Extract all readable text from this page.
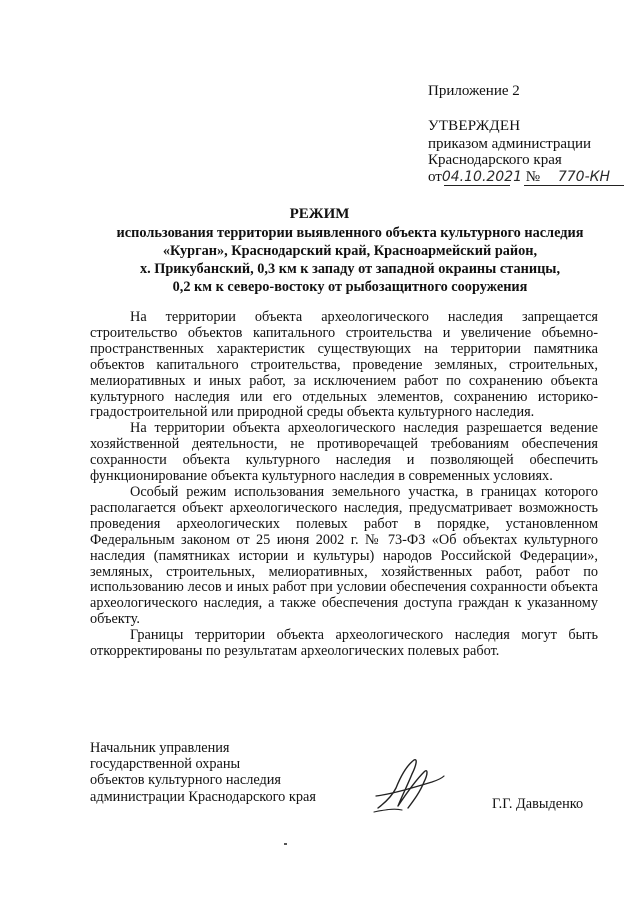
Приложение 2
УТВЕРЖДЕН
приказом администрации
Краснодарского края
от04.10.2021 № 770-КН
РЕЖИМ
использования территории выявленного объекта культурного наследия
«Курган», Краснодарский край, Красноармейский район,
х. Прикубанский, 0,3 км к западу от западной окраины станицы,
0,2 км к северо-востоку от рыбозащитного сооружения

На территории объекта археологического наследия запрещается строительство объектов капитального строительства и увеличение объемно-пространственных характеристик существующих на территории памятника объектов капитального строительства, проведение земляных, строительных, мелиоративных и иных работ, за исключением работ по сохранению объекта культурного наследия или его отдельных элементов, сохранению историко-градостроительной или природной среды объекта культурного наследия.

На территории объекта археологического наследия разрешается ведение хозяйственной деятельности, не противоречащей требованиям обеспечения сохранности объекта культурного наследия и позволяющей обеспечить функционирование объекта культурного наследия в современных условиях.

Особый режим использования земельного участка, в границах которого располагается объект археологического наследия, предусматривает возможность проведения археологических полевых работ в порядке, установленном Федеральным законом от 25 июня 2002 г. № 73-ФЗ «Об объектах культурного наследия (памятниках истории и культуры) народов Российской Федерации», земляных, строительных, мелиоративных, хозяйственных работ, работ по использованию лесов и иных работ при условии обеспечения сохранности объекта археологического наследия, а также обеспечения доступа граждан к указанному объекту.

Границы территории объекта археологического наследия могут быть откорректированы по результатам археологических полевых работ.

Начальник управления
государственной охраны
объектов культурного наследия
администрации Краснодарского края	Г.Г. Давыденко
